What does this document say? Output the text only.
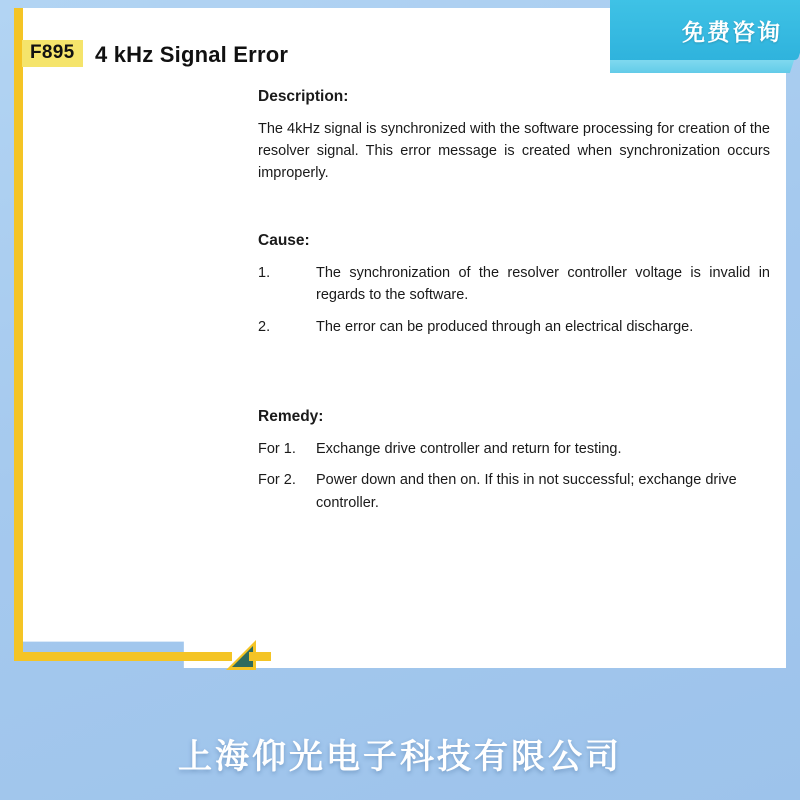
F895 4 kHz Signal Error
Description:

The 4kHz signal is synchronized with the software processing for creation of the resolver signal. This error message is created when synchronization occurs improperly.

Cause:
1.	The synchronization of the resolver controller voltage is invalid in regards to the software.
2.	The error can be produced through an electrical discharge.
Remedy:
For 1.	Exchange drive controller and return for testing.
For 2.	Power down and then on. If this in not successful; exchange drive controller.
免费咨询
上海仰光电子科技有限公司
